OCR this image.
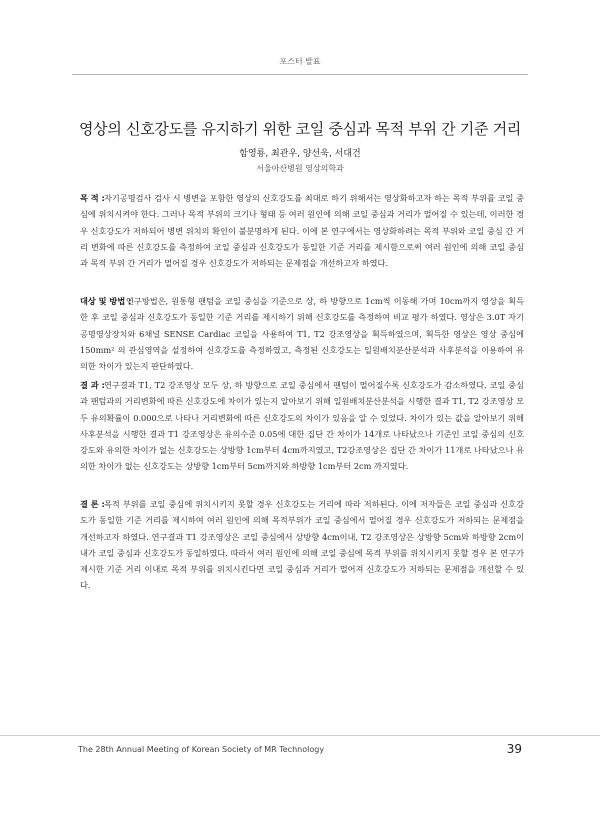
포스터 발표
영상의 신호강도를 유지하기 위한 코일 중심과 목적 부위 간 기준 거리
함영룡, 최관우, 양선욱, 서대건
서울아산병원 영상의학과
목 적 : 자기공명검사 검사 시 병변을 포함한 영상의 신호강도를 최대로 하기 위해서는 영상화하고자 하는 목적 부위를 코일 중심에 위치시켜야 한다. 그러나 목적 부위의 크기나 형태 등 여러 원인에 의해 코일 중심과 거리가 멀어질 수 있는데, 이러한 경우 신호강도가 저하되어 병변 위치의 확인이 불분명하게 된다. 이에 본 연구에서는 영상화하려는 목적 부위와 코일 중심 간 거리 변화에 따른 신호강도를 측정하여 코일 중심과 신호강도가 동일한 기준 거리를 제시함으로써 여러 원인에 의해 코일 중심과 목적 부위 간 거리가 멀어질 경우 신호강도가 저하되는 문제점을 개선하고자 하였다.
대상 및 방법 :
연구방법은, 원통형 팬텀을 코일 중심을 기준으로 상, 하 방향으로 1cm씩 이동해 가며 10cm까지 영상을 획득한 후 코일 중심과 신호강도가 동일한 기준 거리를 제시하기 위해 신호강도를 측정하여 비교 평가 하였다. 영상은 3.0T 자기공명영상장치와 6채널 SENSE Cardiac 코일을 사용하여 T1, T2 강조영상을 획득하였으며, 획득한 영상은 영상 중심에 150mm² 의 관심영역을 설정하여 신호강도를 측정하였고, 측정된 신호강도는 일원배치분산분석과 사후분석을 이용하여 유의한 차이가 있는지 판단하였다.
결 과 : 연구결과 T1, T2 강조영상 모두 상, 하 방향으로 코일 중심에서 팬텀이 멀어질수록 신호강도가 감소하였다. 코일 중심과 팬텀과의 거리변화에 따른 신호강도에 차이가 있는지 알아보기 위해 일원배치분산분석을 시행한 결과 T1, T2 강조영상 모두 유의확률이 0.000으로 나타나 거리변화에 따른 신호강도의 차이가 있음을 알 수 있었다. 차이가 있는 값을 알아보기 위해 사후분석을 시행한 결과 T1 강조영상은 유의수준 0.05에 대한 집단 간 차이가 14개로 나타났으나 기준인 코일 중심의 신호강도와 유의한 차이가 없는 신호강도는 상방향 1cm부터 4cm까지였고, T2강조영상은 집단 간 차이가 11개로 나타났으나 유의한 차이가 없는 신호강도는 상방향 1cm부터 5cm까지와 하방향 1cm부터 2cm 까지였다.
결 론 : 목적 부위를 코일 중심에 위치시키지 못할 경우 신호강도는 거리에 따라 저하된다. 이에 저자들은 코일 중심과 신호강도가 동일한 기준 거리를 제시하여 여러 원인에 의해 목적부위가 코일 중심에서 멀어질 경우 신호강도가 저하되는 문제점을 개선하고자 하였다. 연구결과 T1 강조영상은 코일 중심에서 상방향 4cm이내, T2 강조영상은 상방향 5cm와 하방향 2cm이내가 코일 중심과 신호강도가 동일하였다. 따라서 여러 원인에 의해 코일 중심에 목적 부위를 위치시키지 못할 경우 본 연구가 제시한 기준 거리 이내로 목적 부위를 위치시킨다면 코일 중심과 거리가 멀어져 신호강도가 저하되는 문제점을 개선할 수 있다.
The 28th Annual Meeting of Korean Society of MR Technology	39
